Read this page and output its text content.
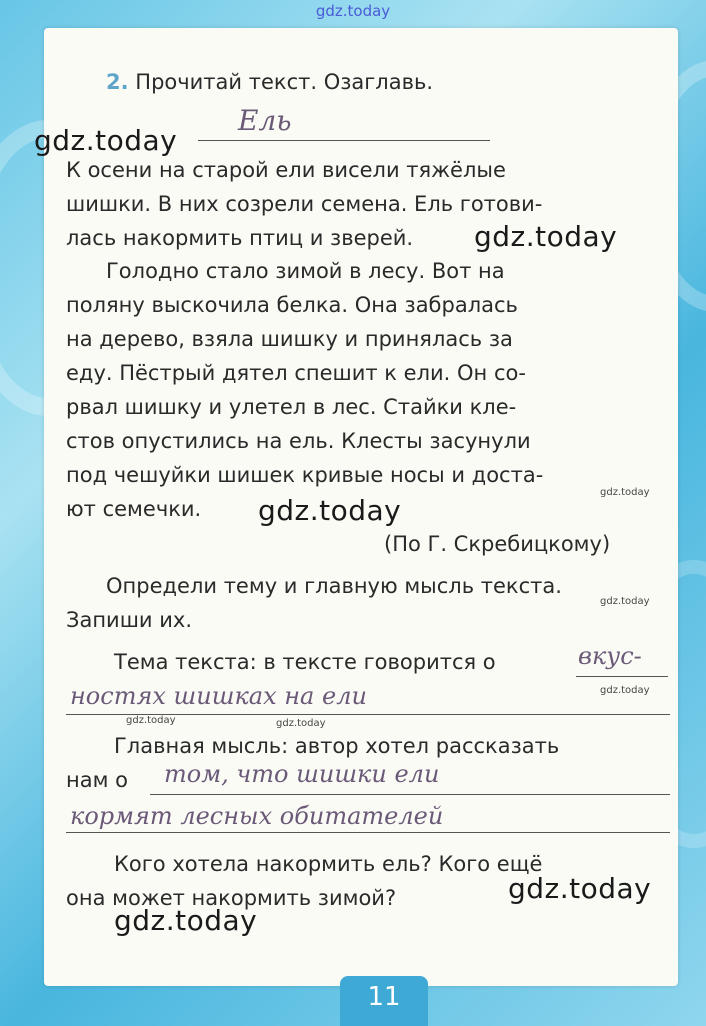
gdz.today
2. Прочитай текст. Озаглавь.
Ель
К осени на старой ели висели тяжёлые
шишки. В них созрели семена. Ель готови-
лась накормить птиц и зверей.
Голодно стало зимой в лесу. Вот на
поляну выскочила белка. Она забралась
на дерево, взяла шишку и принялась за
еду. Пёстрый дятел спешит к ели. Он со-
рвал шишку и улетел в лес. Стайки кле-
стов опустились на ель. Клесты засунули
под чешуйки шишек кривые носы и доста-
ют семечки.
(По Г. Скребицкому)
Определи тему и главную мысль текста.
Запиши их.
Тема текста: в тексте говорится о	вкус-
ностях шишках на ели
Главная мысль: автор хотел рассказать
нам о том, что шишки ели
кормят лесных обитателей
Кого хотела накормить ель? Кого ещё
она может накормить зимой?
11
gdz.today
gdz.today
gdz.today
gdz.today
gdz.today
gdz.today
gdz.today
gdz.today
gdz.today	gdz.today
